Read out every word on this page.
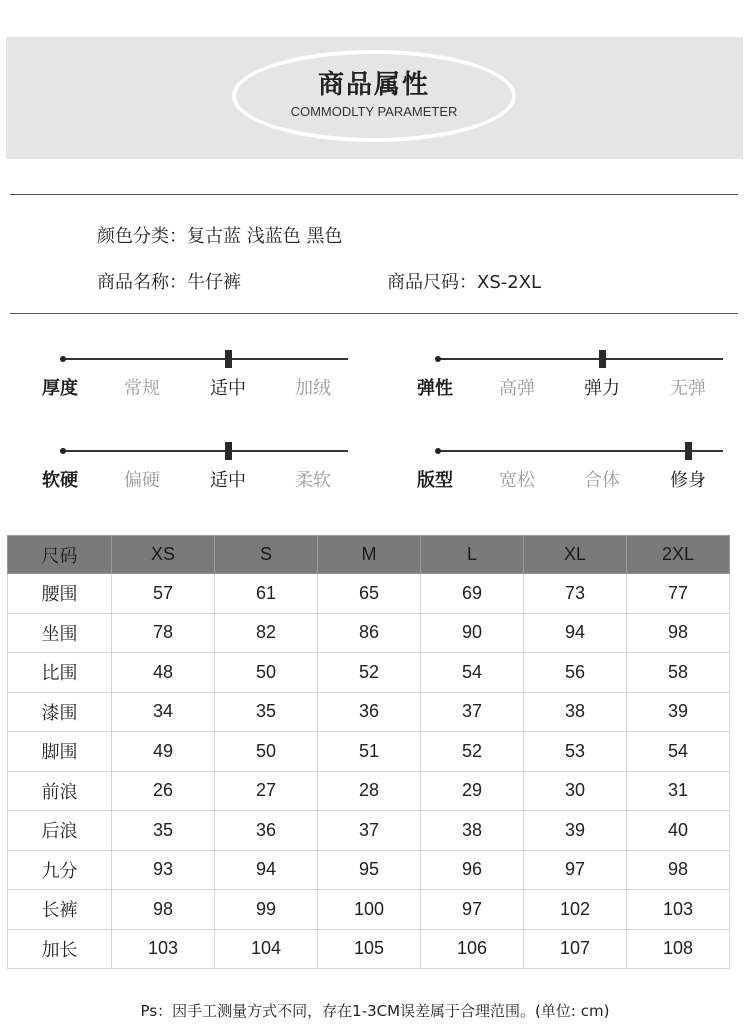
商品属性
COMMODLTY PARAMETER
颜色分类：复古蓝 浅蓝色 黑色
商品名称：牛仔裤	商品尺码：XS-2XL
厚度	常规	适中	加绒	弹性	高弹	弹力	无弹
软硬	偏硬	适中	柔软	版型	宽松	合体	修身
尺码	XS	S	M	L	XL	2XL
腰围	57	61	65	69	73	77
坐围	78	82	86	90	94	98
比围	48	50	52	54	56	58
漆围	34	35	36	37	38	39
脚围	49	50	51	52	53	54
前浪	26	27	28	29	30	31
后浪	35	36	37	38	39	40
九分	93	94	95	96	97	98
长裤	98	99	100	97	102	103
加长	103	104	105	106	107	108
Ps：因手工测量方式不同，存在1-3CM误差属于合理范围。(单位: cm)
